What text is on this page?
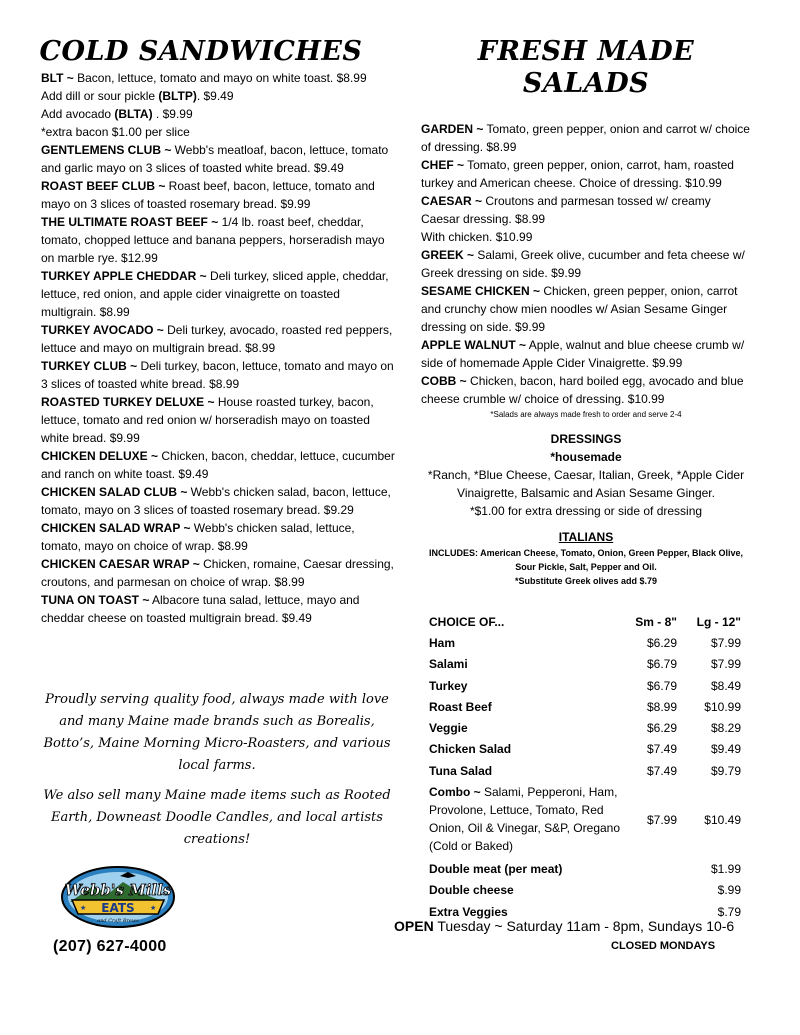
COLD SANDWICHES

BLT ~ Bacon, lettuce, tomato and mayo on white toast. $8.99

Add dill or sour pickle (BLTP). $9.49

Add avocado (BLTA) . $9.99

*extra bacon $1.00 per slice

GENTLEMENS CLUB ~ Webb's meatloaf, bacon, lettuce, tomato and garlic mayo on 3 slices of toasted white bread. $9.49

ROAST BEEF CLUB ~ Roast beef, bacon, lettuce, tomato and mayo on 3 slices of toasted rosemary bread. $9.99

THE ULTIMATE ROAST BEEF ~ 1/4 lb. roast beef, cheddar, tomato, chopped lettuce and banana peppers, horseradish mayo on marble rye. $12.99

TURKEY APPLE CHEDDAR ~ Deli turkey, sliced apple, cheddar, lettuce, red onion, and apple cider vinaigrette on toasted multigrain. $8.99

TURKEY AVOCADO ~ Deli turkey, avocado, roasted red peppers, lettuce and mayo on multigrain bread. $8.99

TURKEY CLUB ~ Deli turkey, bacon, lettuce, tomato and mayo on 3 slices of toasted white bread. $8.99

ROASTED TURKEY DELUXE ~ House roasted turkey, bacon, lettuce, tomato and red onion w/ horseradish mayo on toasted white bread. $9.99

CHICKEN DELUXE ~ Chicken, bacon, cheddar, lettuce, cucumber and ranch on white toast. $9.49

CHICKEN SALAD CLUB ~ Webb's chicken salad, bacon, lettuce, tomato, mayo on 3 slices of toasted rosemary bread. $9.29

CHICKEN SALAD WRAP ~ Webb's chicken salad, lettuce, tomato, mayo on choice of wrap. $8.99

CHICKEN CAESAR WRAP ~ Chicken, romaine, Caesar dressing, croutons, and parmesan on choice of wrap. $8.99

TUNA ON TOAST ~ Albacore tuna salad, lettuce, mayo and cheddar cheese on toasted multigrain bread. $9.49

FRESH MADE SALADS

GARDEN ~ Tomato, green pepper, onion and carrot w/ choice of dressing. $8.99

CHEF ~ Tomato, green pepper, onion, carrot, ham, roasted turkey and American cheese. Choice of dressing. $10.99

CAESAR ~ Croutons and parmesan tossed w/ creamy Caesar dressing. $8.99

With chicken. $10.99

GREEK ~ Salami, Greek olive, cucumber and feta cheese w/ Greek dressing on side. $9.99

SESAME CHICKEN ~ Chicken, green pepper, onion, carrot and crunchy chow mien noodles w/ Asian Sesame Ginger dressing on side. $9.99

APPLE WALNUT ~ Apple, walnut and blue cheese crumb w/ side of homemade Apple Cider Vinaigrette. $9.99

COBB ~ Chicken, bacon, hard boiled egg, avocado and blue cheese crumble w/ choice of dressing. $10.99

*Salads are always made fresh to order and serve 2-4
DRESSINGS
*housemade
*Ranch, *Blue Cheese, Caesar, Italian, Greek, *Apple Cider Vinaigrette, Balsamic and Asian Sesame Ginger.
*$1.00 for extra dressing or side of dressing
ITALIANS
INCLUDES: American Cheese, Tomato, Onion, Green Pepper, Black Olive, Sour Pickle, Salt, Pepper and Oil.
*Substitute Greek olives add $.79
CHOICE OF...	Sm - 8"	Lg - 12"
Ham	$6.29	$7.99
Salami	$6.79	$7.99
Turkey	$6.79	$8.49
Roast Beef	$8.99	$10.99
Veggie	$6.29	$8.29
Chicken Salad	$7.49	$9.49
Tuna Salad	$7.49	$9.79
Combo ~ Salami, Pepperoni, Ham, Provolone, Lettuce, Tomato, Red Onion, Oil & Vinegar, S&P, Oregano (Cold or Baked)	$7.99	$10.49
Double meat (per meat)		$1.99
Double cheese		$.99
Extra Veggies		$.79

Proudly serving quality food, always made with love and many Maine made brands such as Borealis, Botto’s, Maine Morning Micro-Roasters, and various local farms.

We also sell many Maine made items such as Rooted Earth, Downeast Doodle Candles, and local artists creations!

Webb's Mills
EATS
and Craft Brews
★	★
(207) 627-4000
OPEN Tuesday ~ Saturday 11am - 8pm, Sundays 10-6
CLOSED MONDAYS
